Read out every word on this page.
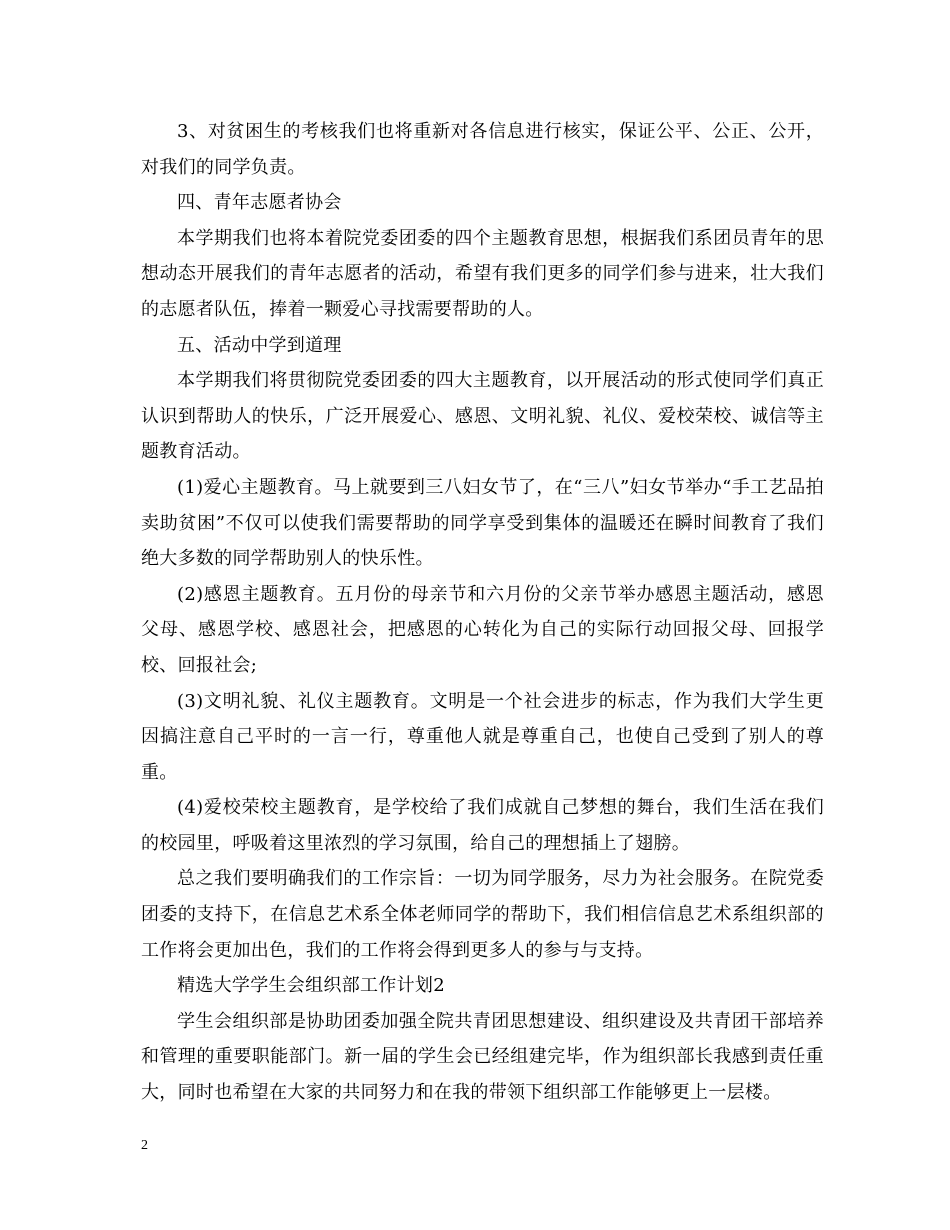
3、对贫困生的考核我们也将重新对各信息进行核实，保证公平、公正、公开，对我们的同学负责。

四、青年志愿者协会

本学期我们也将本着院党委团委的四个主题教育思想，根据我们系团员青年的思想动态开展我们的青年志愿者的活动，希望有我们更多的同学们参与进来，壮大我们的志愿者队伍，捧着一颗爱心寻找需要帮助的人。

五、活动中学到道理

本学期我们将贯彻院党委团委的四大主题教育，以开展活动的形式使同学们真正认识到帮助人的快乐，广泛开展爱心、感恩、文明礼貌、礼仪、爱校荣校、诚信等主题教育活动。

(1)爱心主题教育。马上就要到三八妇女节了，在“三八”妇女节举办“手工艺品拍卖助贫困”不仅可以使我们需要帮助的同学享受到集体的温暖还在瞬时间教育了我们绝大多数的同学帮助别人的快乐性。

(2)感恩主题教育。五月份的母亲节和六月份的父亲节举办感恩主题活动，感恩父母、感恩学校、感恩社会，把感恩的心转化为自己的实际行动回报父母、回报学校、回报社会;

(3)文明礼貌、礼仪主题教育。文明是一个社会进步的标志，作为我们大学生更因搞注意自己平时的一言一行，尊重他人就是尊重自己，也使自己受到了别人的尊重。

(4)爱校荣校主题教育，是学校给了我们成就自己梦想的舞台，我们生活在我们的校园里，呼吸着这里浓烈的学习氛围，给自己的理想插上了翅膀。

总之我们要明确我们的工作宗旨：一切为同学服务，尽力为社会服务。在院党委团委的支持下，在信息艺术系全体老师同学的帮助下，我们相信信息艺术系组织部的工作将会更加出色，我们的工作将会得到更多人的参与与支持。

精选大学学生会组织部工作计划2

学生会组织部是协助团委加强全院共青团思想建设、组织建设及共青团干部培养和管理的重要职能部门。新一届的学生会已经组建完毕，作为组织部长我感到责任重大，同时也希望在大家的共同努力和在我的带领下组织部工作能够更上一层楼。

2
